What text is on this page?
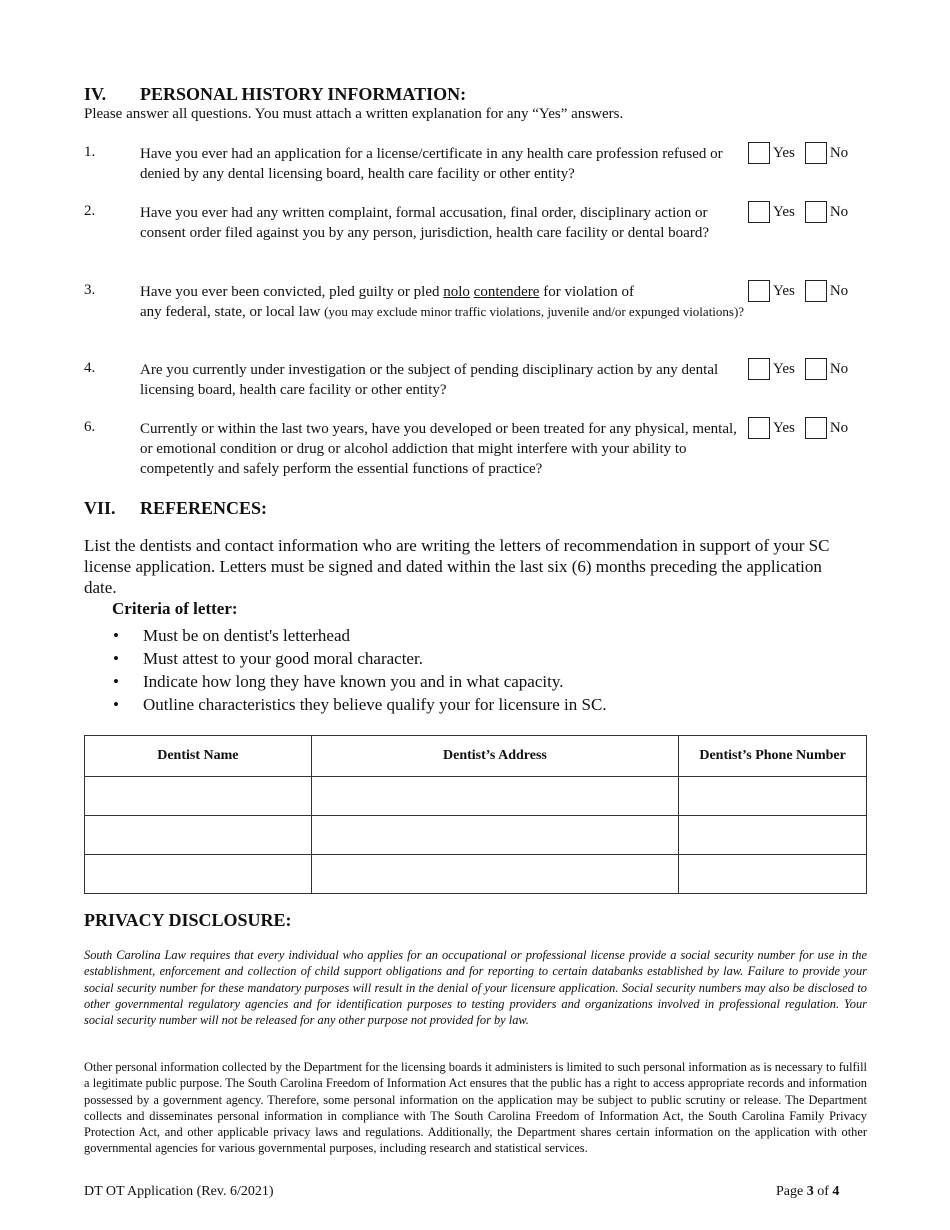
IV. PERSONAL HISTORY INFORMATION:
Please answer all questions. You must attach a written explanation for any “Yes” answers.
1.	Have you ever had an application for a license/certificate in any health care profession refused or denied by any dental licensing board, health care facility or other entity?
Yes No
2.	Have you ever had any written complaint, formal accusation, final order, disciplinary action or consent order filed against you by any person, jurisdiction, health care facility or dental board?
Yes No
3.	Have you ever been convicted, pled guilty or pled nolo contendere for violation of
any federal, state, or local law (you may exclude minor traffic violations, juvenile and/or expunged violations)?
Yes No
4.	Are you currently under investigation or the subject of pending disciplinary action by any dental licensing board, health care facility or other entity?
Yes No
6.	Currently or within the last two years, have you developed or been treated for any physical, mental, or emotional condition or drug or alcohol addiction that might interfere with your ability to competently and safely perform the essential functions of practice?
Yes No
VII. REFERENCES:
List the dentists and contact information who are writing the letters of recommendation in support of your SC license application. Letters must be signed and dated within the last six (6) months preceding the application date.
Criteria of letter:
•	Must be on dentist's letterhead
•	Must attest to your good moral character.
•	Indicate how long they have known you and in what capacity.
•	Outline characteristics they believe qualify your for licensure in SC.
Dentist Name	Dentist’s Address	Dentist’s Phone Number

PRIVACY DISCLOSURE:
South Carolina Law requires that every individual who applies for an occupational or professional license provide a social security number for use in the establishment, enforcement and collection of child support obligations and for reporting to certain databanks established by law. Failure to provide your social security number for these mandatory purposes will result in the denial of your licensure application. Social security numbers may also be disclosed to other governmental regulatory agencies and for identification purposes to testing providers and organizations involved in professional regulation. Your social security number will not be released for any other purpose not provided for by law.
Other personal information collected by the Department for the licensing boards it administers is limited to such personal information as is necessary to fulfill a legitimate public purpose. The South Carolina Freedom of Information Act ensures that the public has a right to access appropriate records and information possessed by a government agency. Therefore, some personal information on the application may be subject to public scrutiny or release. The Department collects and disseminates personal information in compliance with The South Carolina Freedom of Information Act, the South Carolina Family Privacy Protection Act, and other applicable privacy laws and regulations. Additionally, the Department shares certain information on the application with other governmental agencies for various governmental purposes, including research and statistical services.
DT OT Application (Rev. 6/2021)	Page 3 of 4
